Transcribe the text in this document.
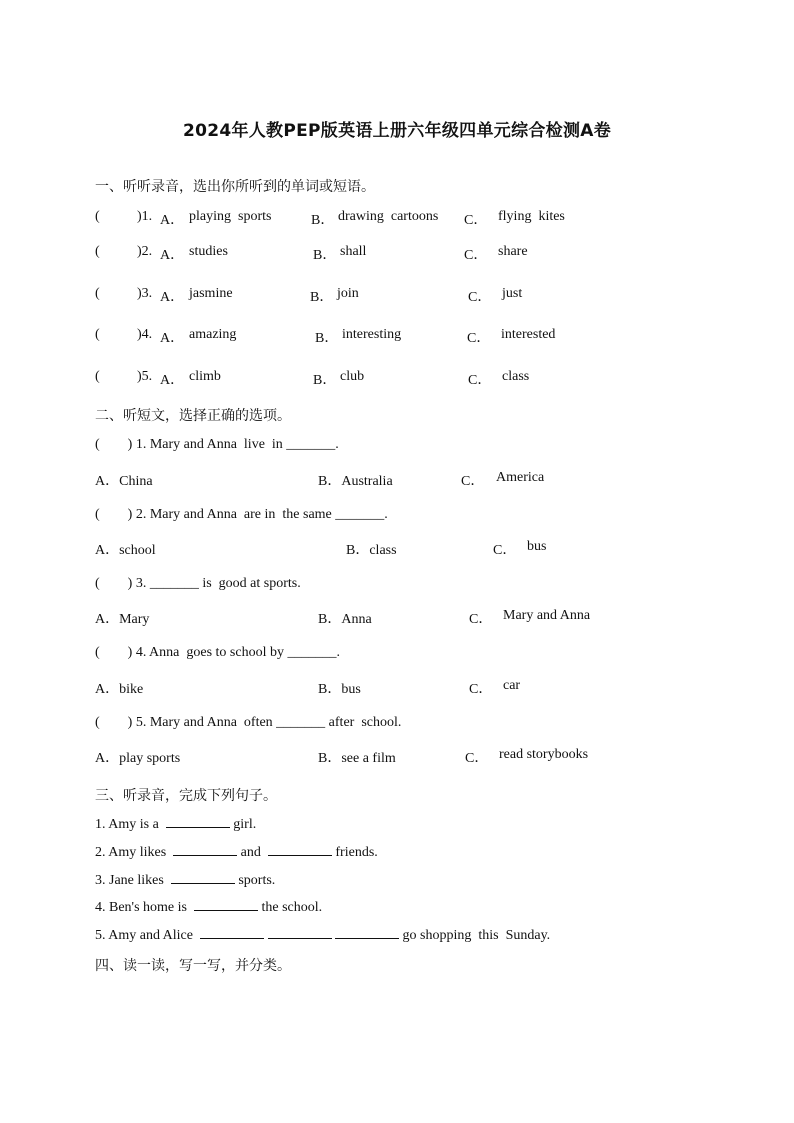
2024年人教PEP版英语上册六年级四单元综合检测A卷
一、听听录音，选出你所听到的单词或短语。
(	)1. A． playing  sports	B． drawing  cartoons C． flying  kites
(	)2. A． studies	B． shall	C． share
(	)3. A． jasmine	B． join	C． just
(	)4. A． amazing	B． interesting	C． interested
(	)5. A． climb	B． club	C． class
二、听短文，选择正确的选项。
(        ) 1. Mary and Anna  live  in _______.
A．China	B．Australia	C． America
(        ) 2. Mary and Anna  are in  the same _______.
A．school	B．class	C． bus
(        ) 3. _______ is  good at sports.
A．Mary	B．Anna	C． Mary and Anna
(        ) 4. Anna  goes to school by _______.
A．bike	B．bus	C． car
(        ) 5. Mary and Anna  often _______ after  school.
A．play sports	B．see a film	C． read storybooks
三、听录音，完成下列句子。
1. Amy is a	girl.
2. Amy likes	and	friends.
3. Jane likes	sports.
4. Ben's home is	the school.
5. Amy and Alice	go shopping  this  Sunday.
四、读一读，写一写，并分类。
